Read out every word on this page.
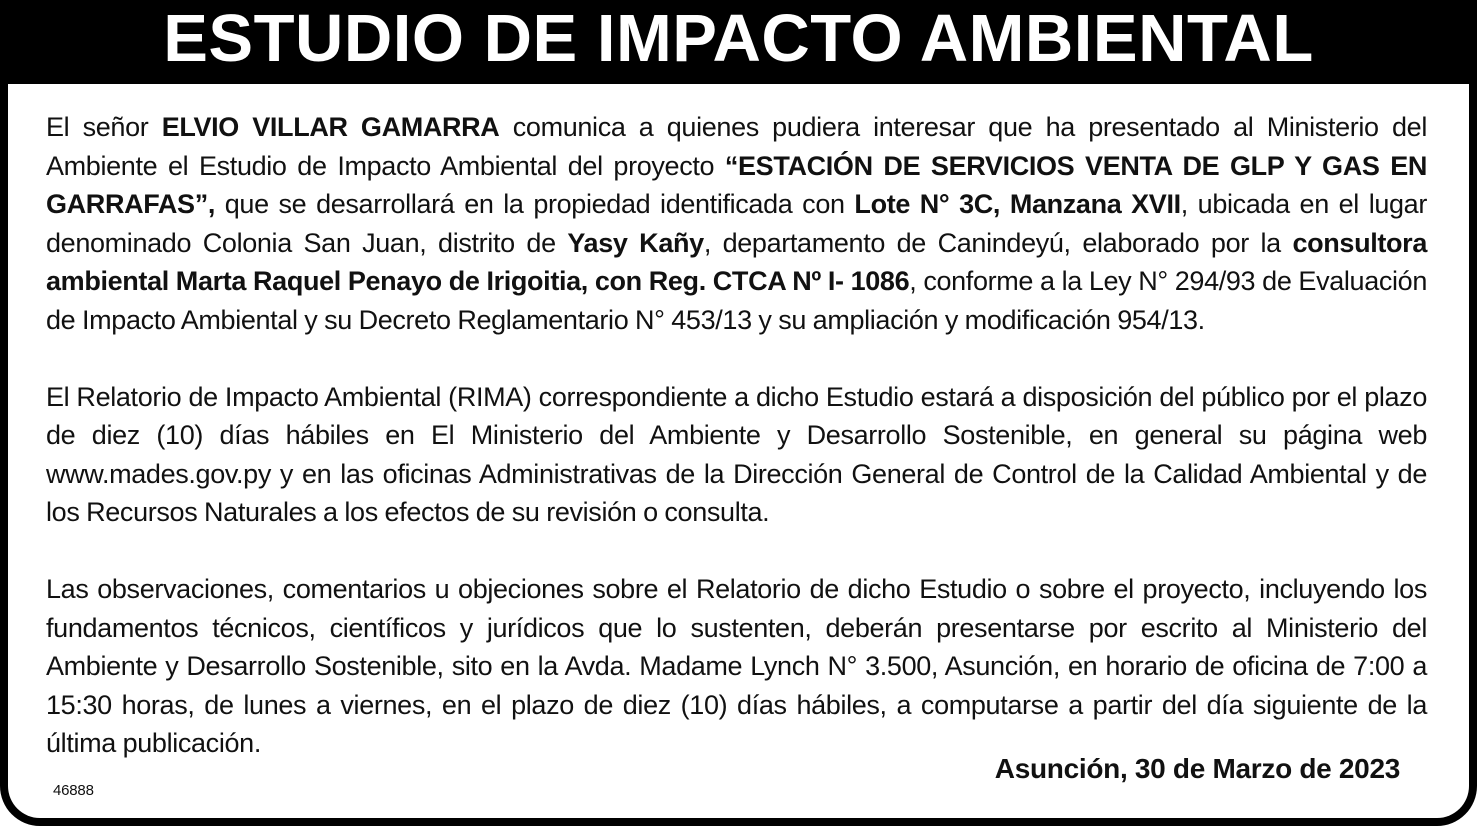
ESTUDIO DE IMPACTO AMBIENTAL

El señor ELVIO VILLAR GAMARRA comunica a quienes pudiera interesar que ha presentado al Ministerio del Ambiente el Estudio de Impacto Ambiental del proyecto “ESTACIÓN DE SERVICIOS VENTA DE GLP Y GAS EN GARRAFAS”, que se desarrollará en la propiedad identificada con Lote N° 3C, Manzana XVII, ubicada en el lugar denominado Colonia San Juan, distrito de Yasy Kañy, departamento de Canindeyú, elaborado por la consultora ambiental Marta Raquel Penayo de Irigoitia, con Reg. CTCA Nº I- 1086, conforme a la Ley N° 294/93 de Evaluación de Impacto Ambiental y su Decreto Reglamentario N° 453/13 y su ampliación y modificación 954/13.

El Relatorio de Impacto Ambiental (RIMA) correspondiente a dicho Estudio estará a disposición del público por el plazo de diez (10) días hábiles en El Ministerio del Ambiente y Desarrollo Sostenible, en general su página web www.mades.gov.py y en las oficinas Administrativas de la Dirección General de Control de la Calidad Ambiental y de los Recursos Naturales a los efectos de su revisión o consulta.

Las observaciones, comentarios u objeciones sobre el Relatorio de dicho Estudio o sobre el proyecto, incluyendo los fundamentos técnicos, científicos y jurídicos que lo sustenten, deberán presentarse por escrito al Ministerio del Ambiente y Desarrollo Sostenible, sito en la Avda. Madame Lynch N° 3.500, Asunción, en horario de oficina de 7:00 a 15:30 horas, de lunes a viernes, en el plazo de diez (10) días hábiles, a computarse a partir del día siguiente de la última publicación.

Asunción, 30 de Marzo de 2023
46888
